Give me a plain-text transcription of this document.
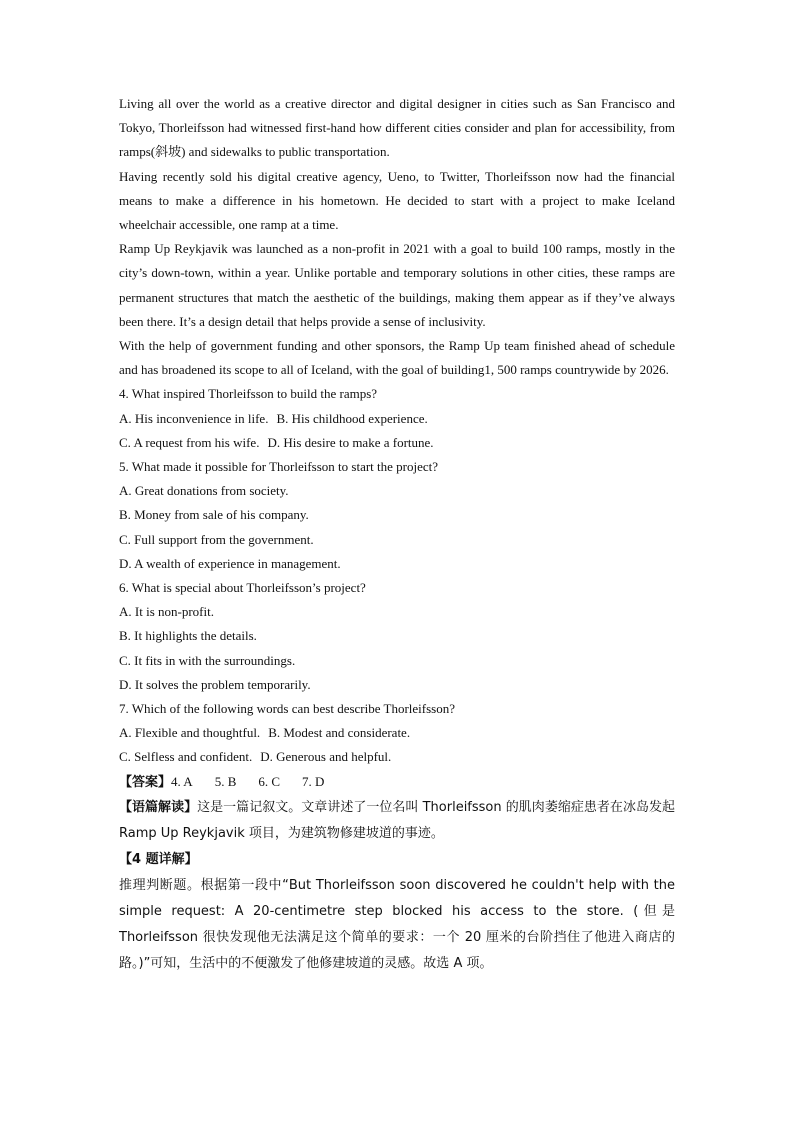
Living all over the world as a creative director and digital designer in cities such as San Francisco and Tokyo, Thorleifsson had witnessed first-hand how different cities consider and plan for accessibility, from ramps(斜坡) and sidewalks to public transportation.

Having recently sold his digital creative agency, Ueno, to Twitter, Thorleifsson now had the financial means to make a difference in his hometown. He decided to start with a project to make Iceland wheelchair accessible, one ramp at a time.

Ramp Up Reykjavik was launched as a non-profit in 2021 with a goal to build 100 ramps, mostly in the city’s down-town, within a year. Unlike portable and temporary solutions in other cities, these ramps are permanent structures that match the aesthetic of the buildings, making them appear as if they’ve always been there. It’s a design detail that helps provide a sense of inclusivity.

With the help of government funding and other sponsors, the Ramp Up team finished ahead of schedule and has broadened its scope to all of Iceland, with the goal of building1, 500 ramps countrywide by 2026.

4. What inspired Thorleifsson to build the ramps?

A. His inconvenience in life. B. His childhood experience.

C. A request from his wife. D. His desire to make a fortune.

5. What made it possible for Thorleifsson to start the project?

A. Great donations from society.

B. Money from sale of his company.

C. Full support from the government.

D. A wealth of experience in management.

6. What is special about Thorleifsson’s project?

A. It is non-profit.

B. It highlights the details.

C. It fits in with the surroundings.

D. It solves the problem temporarily.

7. Which of the following words can best describe Thorleifsson?

A. Flexible and thoughtful. B. Modest and considerate.

C. Selfless and confident. D. Generous and helpful.

【答案】4. A 5. B 6. C 7. D

【语篇解读】这是一篇记叙文。文章讲述了一位名叫 Thorleifsson 的肌肉萎缩症患者在冰岛发起 Ramp Up Reykjavik 项目，为建筑物修建坡道的事迹。

【4 题详解】

推理判断题。根据第一段中“But Thorleifsson soon discovered he couldn't help with the simple request: A 20-centimetre step blocked his access to the store. (但是 Thorleifsson 很快发现他无法满足这个简单的要求：一个 20 厘米的台阶挡住了他进入商店的路。)”可知，生活中的不便激发了他修建坡道的灵感。故选 A 项。
